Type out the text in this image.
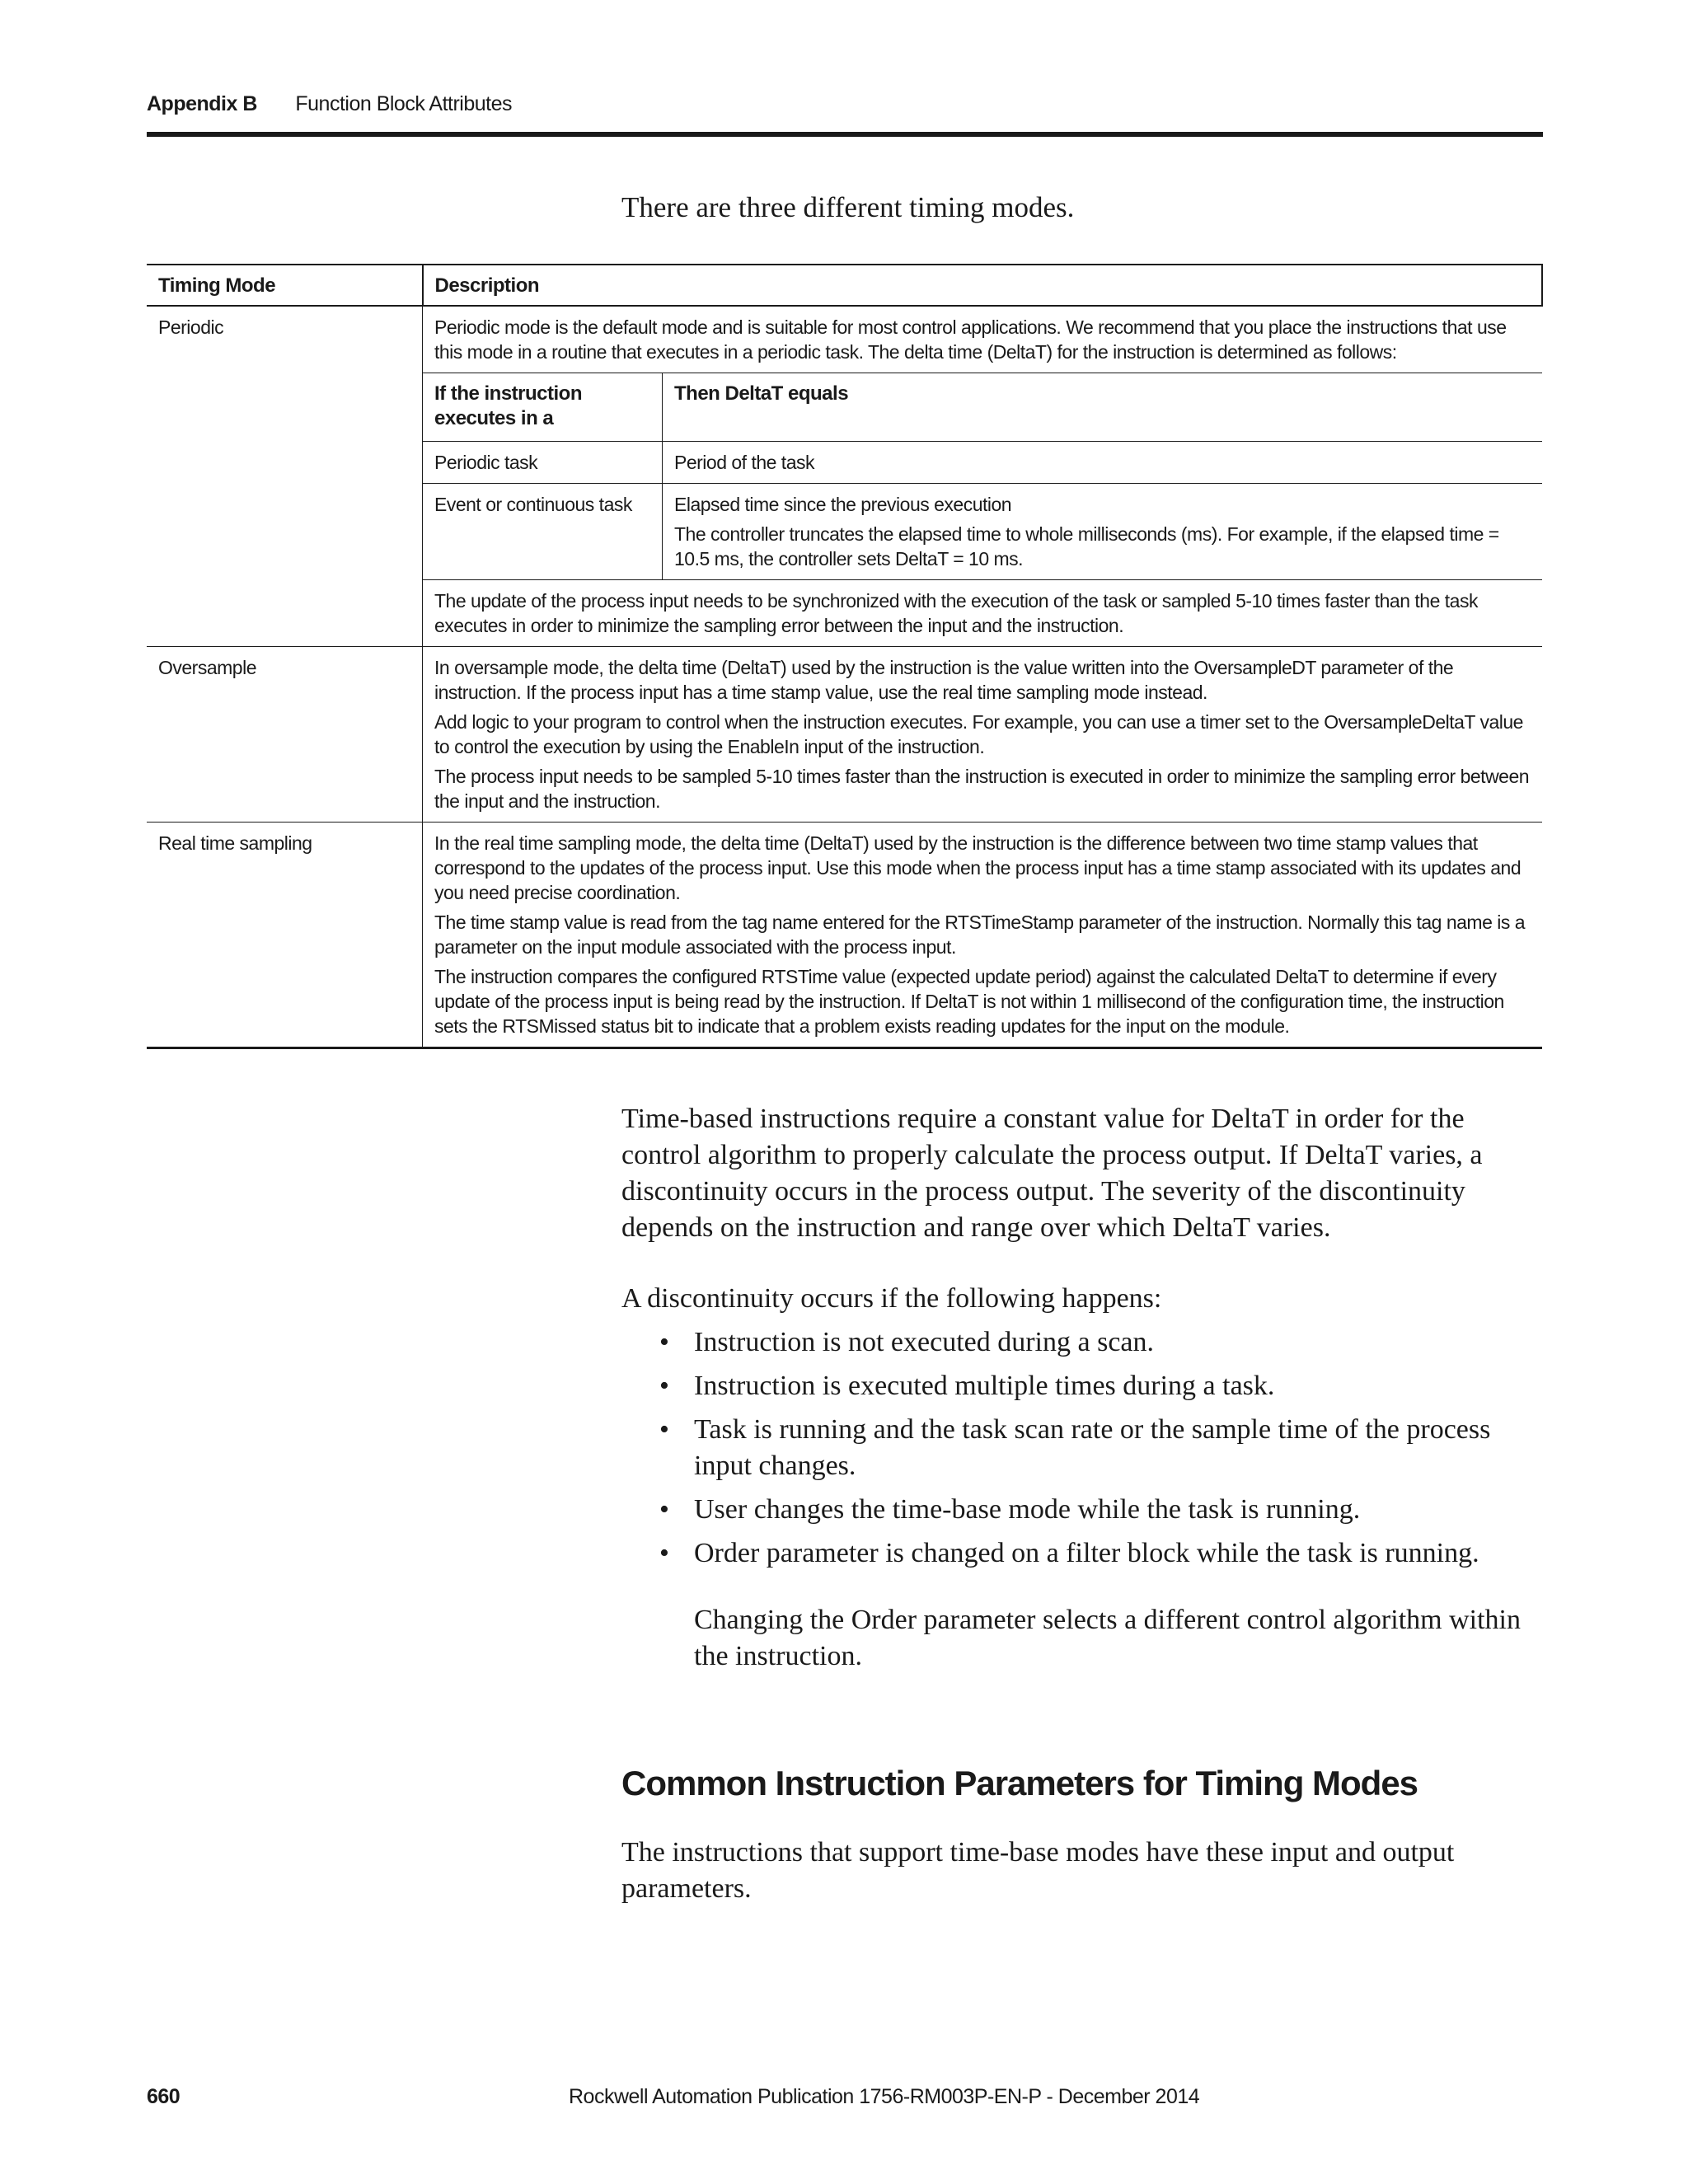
Appendix B Function Block Attributes
There are three different timing modes.
Timing Mode	Description
Periodic	Periodic mode is the default mode and is suitable for most control applications. We recommend that you place the instructions that use this mode in a routine that executes in a periodic task. The delta time (DeltaT) for the instruction is determined as follows:
If the instruction executes in a	Then DeltaT equals
Periodic task	Period of the task
Event or continuous task	Elapsed time since the previous execution

The controller truncates the elapsed time to whole milliseconds (ms). For example, if the elapsed time = 10.5 ms, the controller sets DeltaT = 10 ms.

The update of the process input needs to be synchronized with the execution of the task or sampled 5-10 times faster than the task executes in order to minimize the sampling error between the input and the instruction.

Oversample	In oversample mode, the delta time (DeltaT) used by the instruction is the value written into the OversampleDT parameter of the instruction. If the process input has a time stamp value, use the real time sampling mode instead.

Add logic to your program to control when the instruction executes. For example, you can use a timer set to the OversampleDeltaT value to control the execution by using the EnableIn input of the instruction.

The process input needs to be sampled 5-10 times faster than the instruction is executed in order to minimize the sampling error between the input and the instruction.

Real time sampling	In the real time sampling mode, the delta time (DeltaT) used by the instruction is the difference between two time stamp values that correspond to the updates of the process input. Use this mode when the process input has a time stamp associated with its updates and you need precise coordination.

The time stamp value is read from the tag name entered for the RTSTimeStamp parameter of the instruction. Normally this tag name is a parameter on the input module associated with the process input.

The instruction compares the configured RTSTime value (expected update period) against the calculated DeltaT to determine if every update of the process input is being read by the instruction. If DeltaT is not within 1 millisecond of the configuration time, the instruction sets the RTSMissed status bit to indicate that a problem exists reading updates for the input on the module.

Time-based instructions require a constant value for DeltaT in order for the control algorithm to properly calculate the process output. If DeltaT varies, a discontinuity occurs in the process output. The severity of the discontinuity depends on the instruction and range over which DeltaT varies.

A discontinuity occurs if the following happens:

• Instruction is not executed during a scan.
• Instruction is executed multiple times during a task.
• Task is running and the task scan rate or the sample time of the process input changes.
• User changes the time-base mode while the task is running.
• Order parameter is changed on a filter block while the task is running.

Changing the Order parameter selects a different control algorithm within the instruction.

Common Instruction Parameters for Timing Modes

The instructions that support time-base modes have these input and output parameters.

660	Rockwell Automation Publication 1756-RM003P-EN-P - December 2014
